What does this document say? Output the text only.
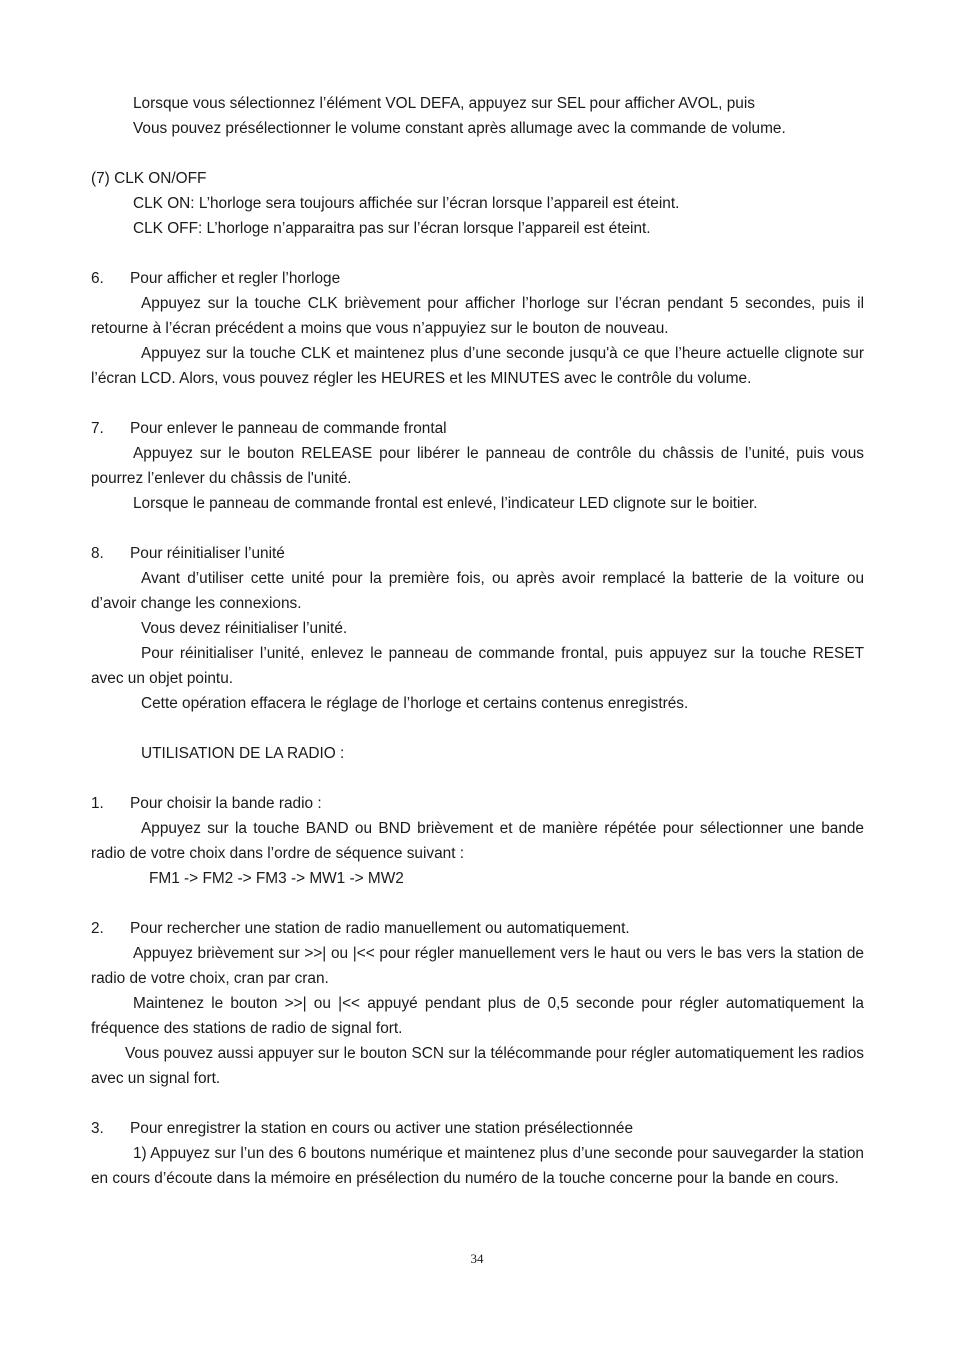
Lorsque vous sélectionnez l’élément VOL DEFA, appuyez sur SEL pour afficher AVOL, puis
Vous pouvez présélectionner le volume constant après allumage avec la commande de volume.
(7) CLK ON/OFF
CLK ON: L’horloge sera toujours affichée sur l’écran lorsque l’appareil est éteint.
CLK OFF: L’horloge n’apparaitra pas sur l’écran lorsque l’appareil est éteint.
6. Pour afficher et regler l’horloge
Appuyez sur la touche CLK brièvement pour afficher l’horloge sur l’écran pendant 5 secondes, puis il retourne à l’écran précédent a moins que vous n’appuyiez sur le bouton de nouveau.
Appuyez sur la touche CLK et maintenez plus d’une seconde jusqu'à ce que l’heure actuelle clignote sur l’écran LCD. Alors, vous pouvez régler les HEURES et les MINUTES avec le contrôle du volume.
7. Pour enlever le panneau de commande frontal
Appuyez sur le bouton RELEASE pour libérer le panneau de contrôle du châssis de l’unité, puis vous pourrez l’enlever du châssis de l'unité.
Lorsque le panneau de commande frontal est enlevé, l’indicateur LED clignote sur le boitier.
8. Pour réinitialiser l’unité
Avant d’utiliser cette unité pour la première fois, ou après avoir remplacé la batterie de la voiture ou d’avoir change les connexions.
Vous devez réinitialiser l’unité.
Pour réinitialiser l’unité, enlevez le panneau de commande frontal, puis appuyez sur la touche RESET avec un objet pointu.
Cette opération effacera le réglage de l’horloge et certains contenus enregistrés.
UTILISATION DE LA RADIO :
1. Pour choisir la bande radio :
Appuyez sur la touche BAND ou BND brièvement et de manière répétée pour sélectionner une bande radio de votre choix dans l’ordre de séquence suivant :
FM1 -> FM2 -> FM3 -> MW1 -> MW2
2. Pour rechercher une station de radio manuellement ou automatiquement.
Appuyez brièvement sur >>| ou |<< pour régler manuellement vers le haut ou vers le bas vers la station de radio de votre choix, cran par cran.
Maintenez le bouton >>| ou |<< appuyé pendant plus de 0,5 seconde pour régler automatiquement la fréquence des stations de radio de signal fort.
Vous pouvez aussi appuyer sur le bouton SCN sur la télécommande pour régler automatiquement les radios avec un signal fort.
3. Pour enregistrer la station en cours ou activer une station présélectionnée
1) Appuyez sur l’un des 6 boutons numérique et maintenez plus d’une seconde pour sauvegarder la station en cours d’écoute dans la mémoire en présélection du numéro de la touche concerne pour la bande en cours.
34
